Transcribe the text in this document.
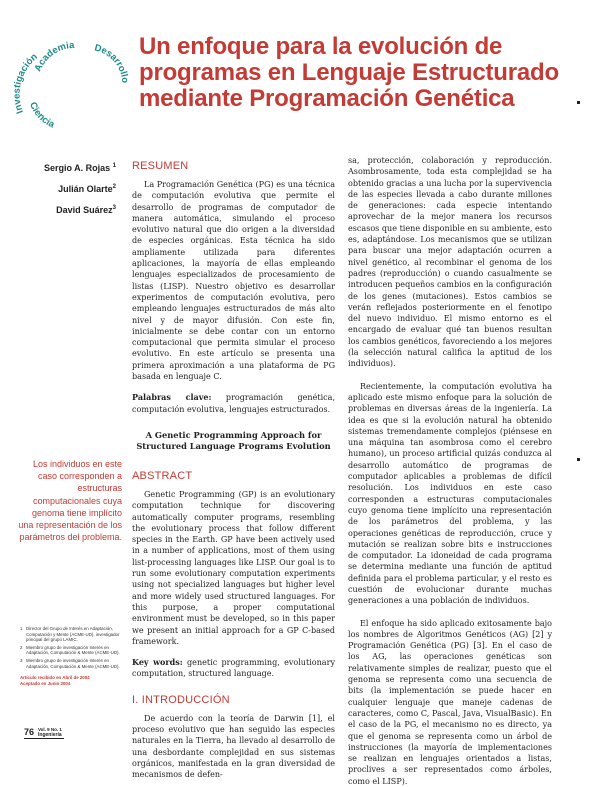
Academia Desarrollo
Ciencia
Investigación	Un enfoque para la evolución de
programas en Lenguaje Estructurado
mediante Programación Genética
Sergio A. Rojas $^1$
Julián Olarte$^2$
David Suárez$^3$
RESUMEN

La Programación Genética (PG) es una técnica de computación evolutiva que permite el desarrollo de programas de computador de manera automática, simulando el proceso evolutivo natural que dio origen a la diversidad de especies orgánicas. Esta técnica ha sido ampliamente utilizada para diferentes aplicaciones, la mayoría de ellas empleando lenguajes especializados de procesamiento de listas (LISP). Nuestro objetivo es desarrollar experimentos de computación evolutiva, pero empleando lenguajes estructurados de más alto nivel y de mayor difusión. Con este fin, inicialmente se debe contar con un entorno computacional que permita simular el proceso evolutivo. En este artículo se presenta una primera aproximación a una plataforma de PG basada en lenguaje C.

Palabras clave: programación genética, computación evolutiva, lenguajes estructurados.

A Genetic Programming Approach for Structured Language Programs Evolution
ABSTRACT

Genetic Programming (GP) is an evolutionary computation technique for discovering automatically computer programs, resembling the evolutionary process that follow different species in the Earth. GP have been actively used in a number of applications, most of them using list-processing languages like LISP. Our goal is to run some evolutionary computation experiments using not specialized languages but higher level and more widely used structured languages. For this purpose, a proper computational environment must be developed, so in this paper we present an initial approach for a GP C-based framework.

Key words: genetic programming, evolutionary computation, structured language.

I. INTRODUCCIÓN

De acuerdo con la teoría de Darwin [1], el proceso evolutivo que han seguido las especies naturales en la Tierra, ha llevado al desarrollo de una desbordante complejidad en sus sistemas orgánicos, manifestada en la gran diversidad de mecanismos de defen-

sa, protección, colaboración y reproducción. Asombrosamente, toda esta complejidad se ha obtenido gracias a una lucha por la supervivencia de las especies llevada a cabo durante millones de generaciones: cada especie intentando aprovechar de la mejor manera los recursos escasos que tiene disponible en su ambiente, esto es, adaptándose. Los mecanismos que se utilizan para buscar una mejor adaptación ocurren a nivel genético, al recombinar el genoma de los padres (reproducción) o cuando casualmente se introducen pequeños cambios en la configuración de los genes (mutaciones). Estos cambios se verán reflejados posteriormente en el fenotipo del nuevo individuo. El mismo entorno es el encargado de evaluar qué tan buenos resultan los cambios genéticos, favoreciendo a los mejores (la selección natural califica la aptitud de los individuos).

Recientemente, la computación evolutiva ha aplicado este mismo enfoque para la solución de problemas en diversas áreas de la ingeniería. La idea es que si la evolución natural ha obtenido sistemas tremendamente complejos (piénsese en una máquina tan asombrosa como el cerebro humano), un proceso artificial quizás conduzca al desarrollo automático de programas de computador aplicables a problemas de difícil resolución. Los individuos en este caso corresponden a estructuras computacionales cuyo genoma tiene implícito una representación de los parámetros del problema, y las operaciones genéticas de reproducción, cruce y mutación se realizan sobre bits e instrucciones de computador. La idoneidad de cada programa se determina mediante una función de aptitud definida para el problema particular, y el resto es cuestión de evolucionar durante muchas generaciones a una población de individuos.

El enfoque ha sido aplicado exitosamente bajo los nombres de Algoritmos Genéticos (AG) [2] y Programación Genética (PG) [3]. En el caso de los AG, las operaciones genéticas son relativamente simples de realizar, puesto que el genoma se representa como una secuencia de bits (la implementación se puede hacer en cualquier lenguaje que maneje cadenas de caracteres, como C, Pascal, Java, VisualBasic). En el caso de la PG, el mecanismo no es directo, ya que el genoma se representa como un árbol de instrucciones (la mayoría de implementaciones se realizan en lenguajes orientados a listas, proclives a ser representados como árboles, como el LISP).

Los individuos en este caso corresponden a estructuras computacionales cuya genoma tiene implícito una representación de los parámetros del problema.
1 Director del Grupo de Interés en Adaptación, Computación y Mente (ACME-UD), investigador principal del grupo LAMIC.
2 Miembro grupo de investigación Interés en Adaptación, Computación & Mente (ACME-UD).
3 Miembro grupo de investigación Interés en Adaptación, Computación & Mente (ACME-UD).
Artículo recibido en Abril de 2004
Aceptado en Junio 2004
76 Vol. 9 No. 1
Ingeniería
